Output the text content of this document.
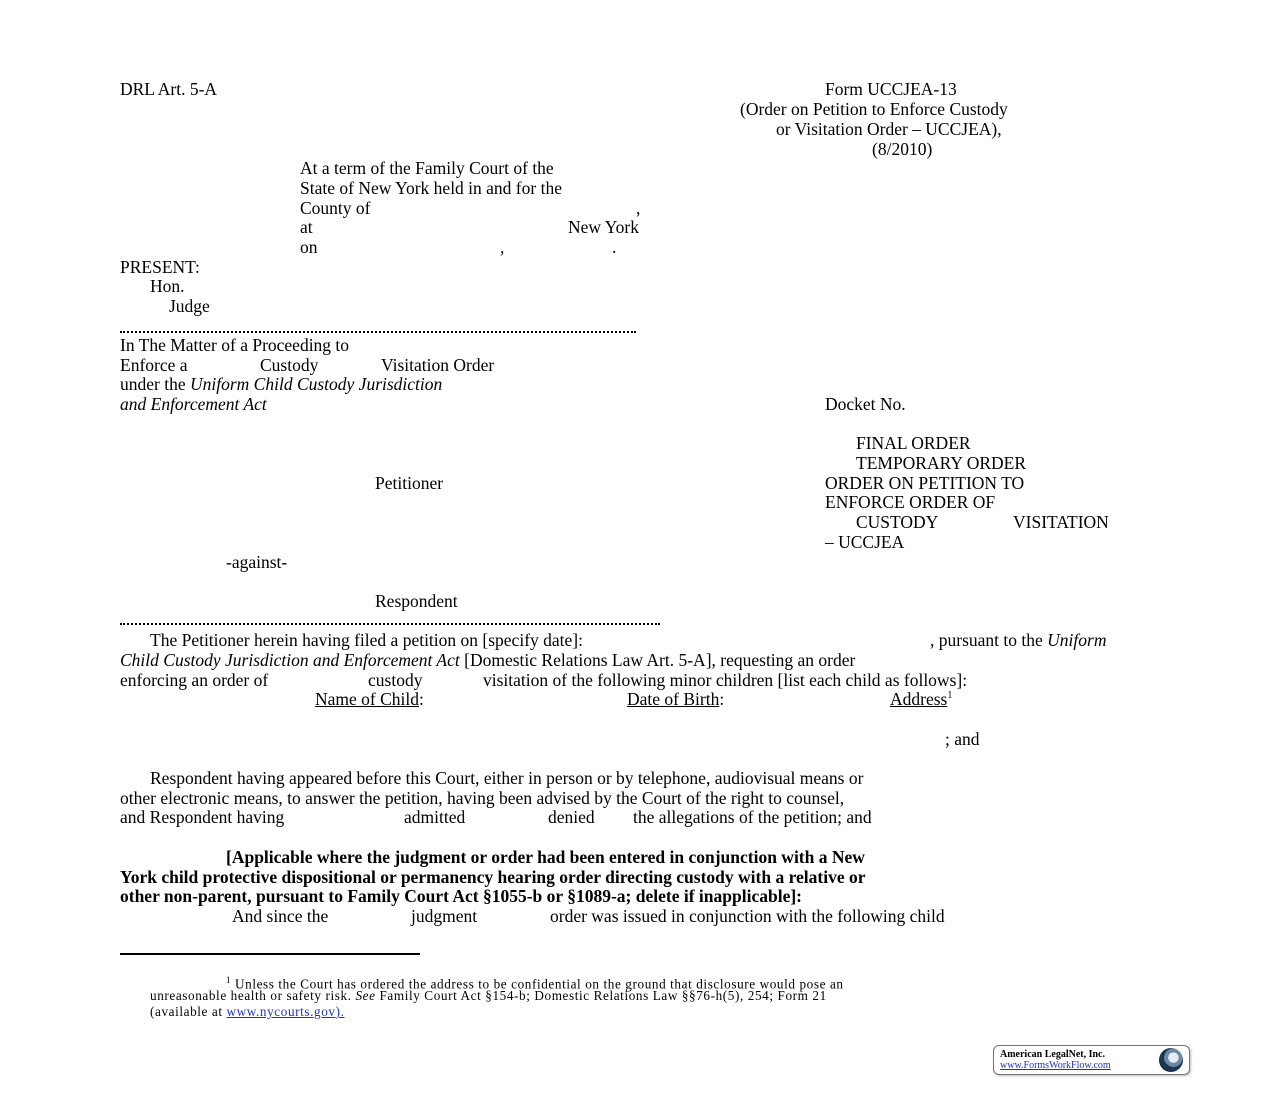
DRL Art. 5-A	Form UCCJEA-13
(Order on Petition to Enforce Custody
or Visitation Order – UCCJEA),
(8/2010)
At a term of the Family Court of the
State of New York held in and for the
County of	,
at	New York
on	,	.
PRESENT:
Hon.
Judge
In The Matter of a Proceeding to
Enforce a	Custody	Visitation Order
under the Uniform Child Custody Jurisdiction
and Enforcement Act
Petitioner
-against-
Respondent
Docket No.
FINAL ORDER
TEMPORARY ORDER
ORDER ON PETITION TO
ENFORCE ORDER OF
CUSTODY	VISITATION
– UCCJEA
The Petitioner herein having filed a petition on [specify date]:	, pursuant to the Uniform
Child Custody Jurisdiction and Enforcement Act [Domestic Relations Law Art. 5-A], requesting an order
enforcing an order of	custody	visitation of the following minor children [list each child as follows]:
Name of Child:	Date of Birth:	Address$^1$
; and
Respondent having appeared before this Court, either in person or by telephone, audiovisual means or
other electronic means, to answer the petition, having been advised by the Court of the right to counsel,
and Respondent having	admitted	denied the allegations of the petition; and
[Applicable where the judgment or order had been entered in conjunction with a New
York child protective dispositional or permanency hearing order directing custody with a relative or
other non-parent, pursuant to Family Court Act §1055-b or §1089-a; delete if inapplicable]:
And since the	judgment	order was issued in conjunction with the following child
$^1$ Unless the Court has ordered the address to be confidential on the ground that disclosure would pose an
unreasonable health or safety risk. See Family Court Act §154-b; Domestic Relations Law §§76-h(5), 254; Form 21
(available at www.nycourts.gov).
American LegalNet, Inc.
www.FormsWorkFlow.com
